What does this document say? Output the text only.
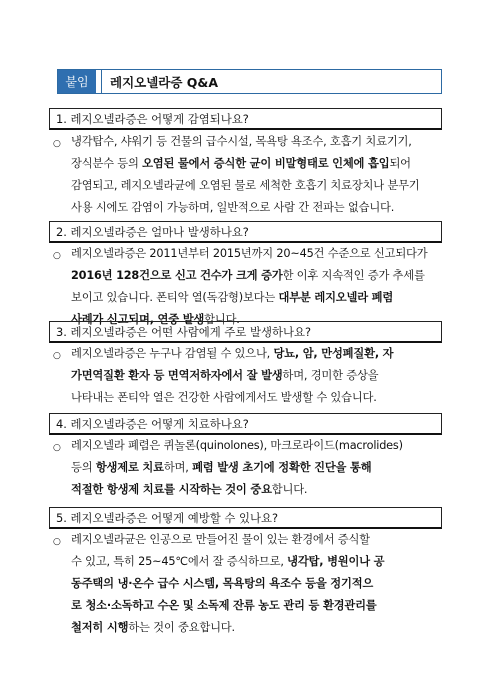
붙임	레지오넬라증 Q&A
1. 레지오넬라증은 어떻게 감염되나요?
○ 냉각탑수, 샤워기 등 건물의 급수시설, 목욕탕 욕조수, 호흡기 치료기기,
장식분수 등의 오염된 물에서 증식한 균이 비말형태로 인체에 흡입되어
감염되고, 레지오넬라균에 오염된 물로 세척한 호흡기 치료장치나 분무기
사용 시에도 감염이 가능하며, 일반적으로 사람 간 전파는 없습니다.
2. 레지오넬라증은 얼마나 발생하나요?
○ 레지오넬라증은 2011년부터 2015년까지 20~45건 수준으로 신고되다가
2016년 128건으로 신고 건수가 크게 증가한 이후 지속적인 증가 추세를
보이고 있습니다. 폰티악 열(독감형)보다는 대부분 레지오넬라 폐렴
사례가 신고되며, 연중 발생합니다.
3. 레지오넬라증은 어떤 사람에게 주로 발생하나요?
○ 레지오넬라증은 누구나 감염될 수 있으나, 당뇨, 암, 만성폐질환, 자
가면역질환 환자 등 면역저하자에서 잘 발생하며, 경미한 증상을
나타내는 폰티악 열은 건강한 사람에게서도 발생할 수 있습니다.
4. 레지오넬라증은 어떻게 치료하나요?
○ 레지오넬라 폐렴은 퀴놀론(quinolones), 마크로라이드(macrolides)
등의 항생제로 치료하며, 폐렴 발생 초기에 정확한 진단을 통해
적절한 항생제 치료를 시작하는 것이 중요합니다.
5. 레지오넬라증은 어떻게 예방할 수 있나요?
○ 레지오넬라균은 인공으로 만들어진 물이 있는 환경에서 증식할
수 있고, 특히 25~45℃에서 잘 증식하므로, 냉각탑, 병원이나 공
동주택의 냉·온수 급수 시스템, 목욕탕의 욕조수 등을 정기적으
로 청소·소독하고 수온 및 소독제 잔류 농도 관리 등 환경관리를
철저히 시행하는 것이 중요합니다.
